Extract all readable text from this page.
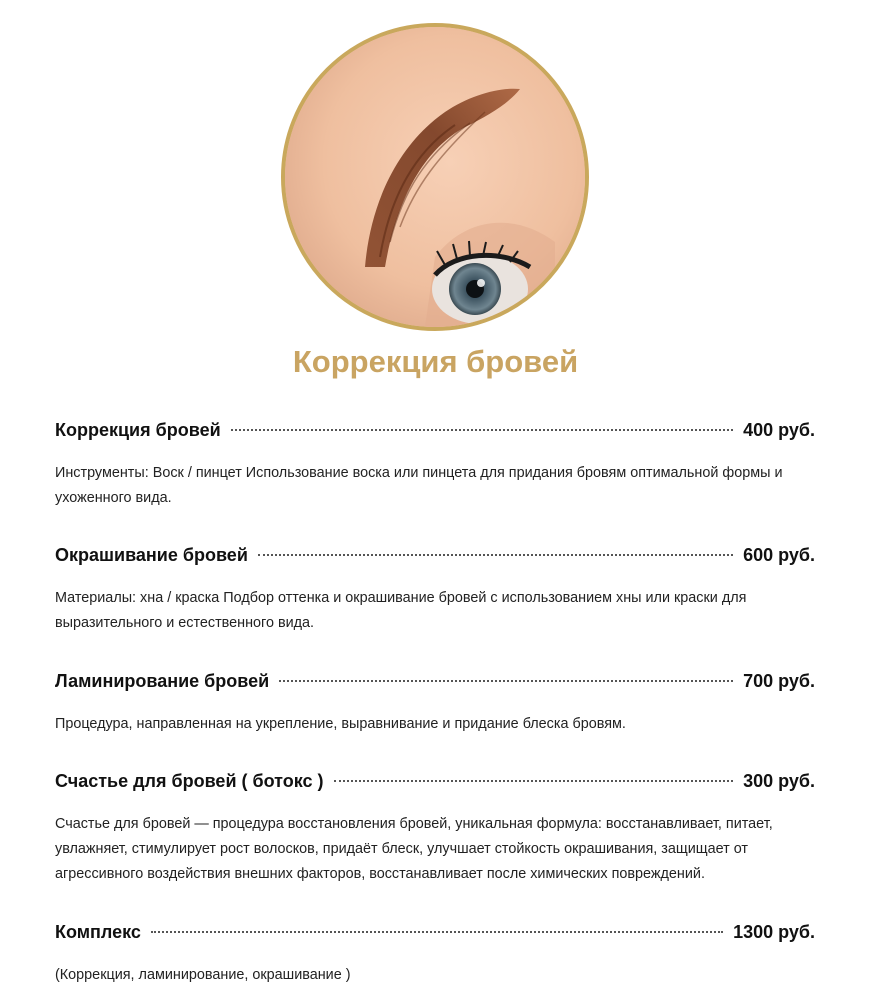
Коррекция бровей
Коррекция бровей	400 руб.
Инструменты: Воск / пинцет Использование воска или пинцета для придания бровям оптимальной формы и ухоженного вида.
Окрашивание бровей	600 руб.
Материалы: хна / краска Подбор оттенка и окрашивание бровей с использованием хны или краски для выразительного и естественного вида.
Ламинирование бровей	700 руб.
Процедура, направленная на укрепление, выравнивание и придание блеска бровям.
Счастье для бровей ( ботокс )	300 руб.
Счастье для бровей — процедура восстановления бровей, уникальная формула: восстанавливает, питает, увлажняет, стимулирует рост волосков, придаёт блеск, улучшает стойкость окрашивания, защищает от агрессивного воздействия внешних факторов, восстанавливает после химических повреждений.
Комплекс	1300 руб.
(Коррекция, ламинирование, окрашивание )
